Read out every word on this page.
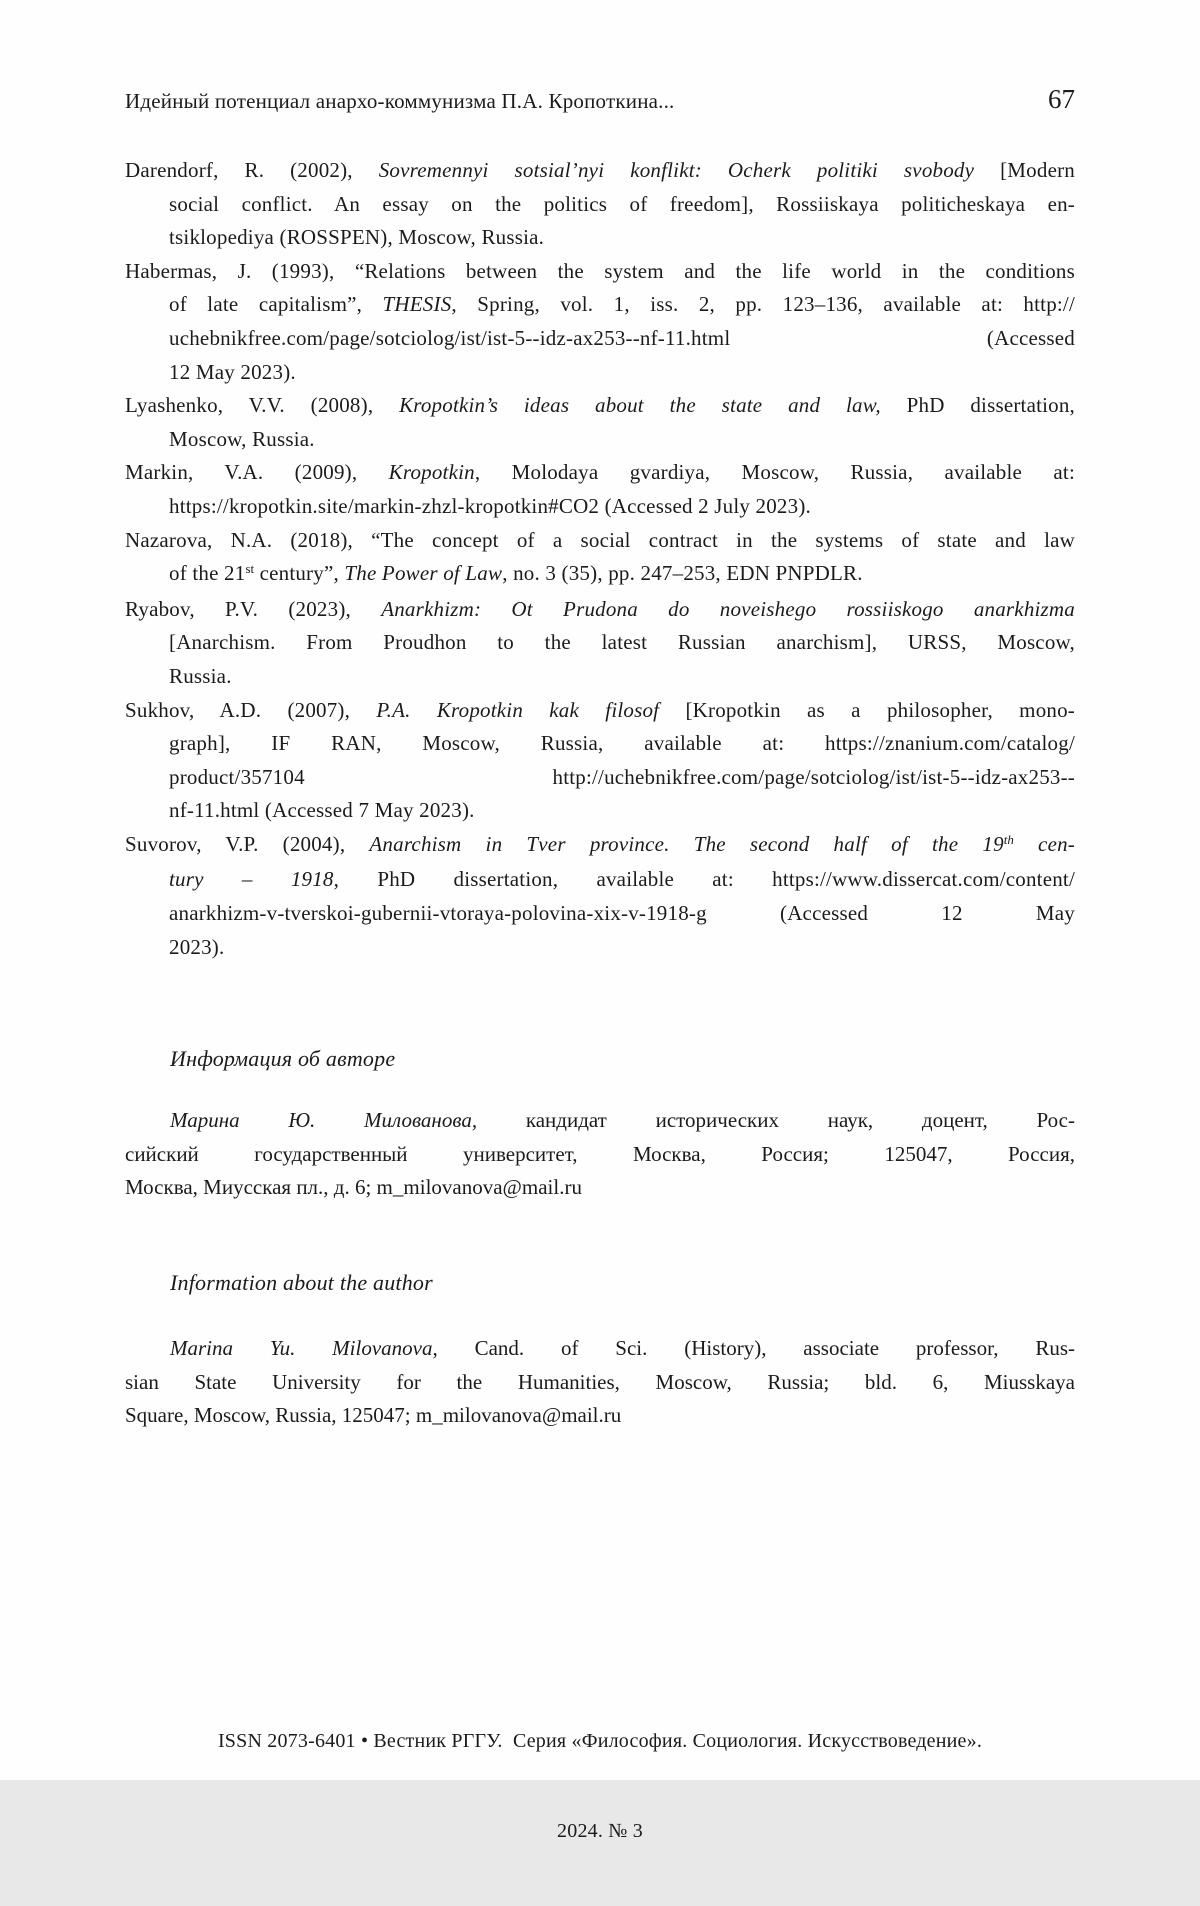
Идейный потенциал анархо-коммунизма П.А. Кропоткина...	67
Darendorf, R. (2002), Sovremennyi sotsial’nyi konflikt: Ocherk politiki svobody [Modern
social conflict. An essay on the politics of freedom], Rossiiskaya politicheskaya en-
tsiklopediya (ROSSPEN), Moscow, Russia.
Habermas, J. (1993), “Relations between the system and the life world in the conditions
of late capitalism”, THESIS, Spring, vol. 1, iss. 2, pp. 123–136, available at: http://
uchebnikfree.com/page/sotciolog/ist/ist-5--idz-ax253--nf-11.html (Accessed
12 May 2023).
Lyashenko, V.V. (2008), Kropotkin’s ideas about the state and law, PhD dissertation,
Moscow, Russia.
Markin, V.A. (2009), Kropotkin, Molodaya gvardiya, Moscow, Russia, available at:
https://kropotkin.site/markin-zhzl-kropotkin#CO2 (Accessed 2 July 2023).
Nazarova, N.A. (2018), “The concept of a social contract in the systems of state and law
of the 21st century”, The Power of Law, no. 3 (35), pp. 247–253, EDN PNPDLR.
Ryabov, P.V. (2023), Anarkhizm: Ot Prudona do noveishego rossiiskogo anarkhizma
[Anarchism. From Proudhon to the latest Russian anarchism], URSS, Moscow,
Russia.
Sukhov, A.D. (2007), P.A. Kropotkin kak filosof [Kropotkin as a philosopher, mono-
graph], IF RAN, Moscow, Russia, available at: https://znanium.com/catalog/
product/357104 http://uchebnikfree.com/page/sotciolog/ist/ist-5--idz-ax253--
nf-11.html (Accessed 7 May 2023).
Suvorov, V.P. (2004), Anarchism in Tver province. The second half of the 19th cen-
tury – 1918, PhD dissertation, available at: https://www.dissercat.com/content/
anarkhizm-v-tverskoi-gubernii-vtoraya-polovina-xix-v-1918-g (Accessed 12 May
2023).
Информация об авторе
Марина Ю. Милованова, кандидат исторических наук, доцент, Рос-
сийский государственный университет, Москва, Россия; 125047, Россия,
Москва, Миусская пл., д. 6; m_milovanova@mail.ru
Information about the author
Marina Yu. Milovanova, Cand. of Sci. (History), associate professor, Rus-
sian State University for the Humanities, Moscow, Russia; bld. 6, Miusskaya
Square, Moscow, Russia, 125047; m_milovanova@mail.ru

ISSN 2073-6401 • Вестник РГГУ.  Серия «Философия. Социология. Искусствоведение».

2024. № 3
